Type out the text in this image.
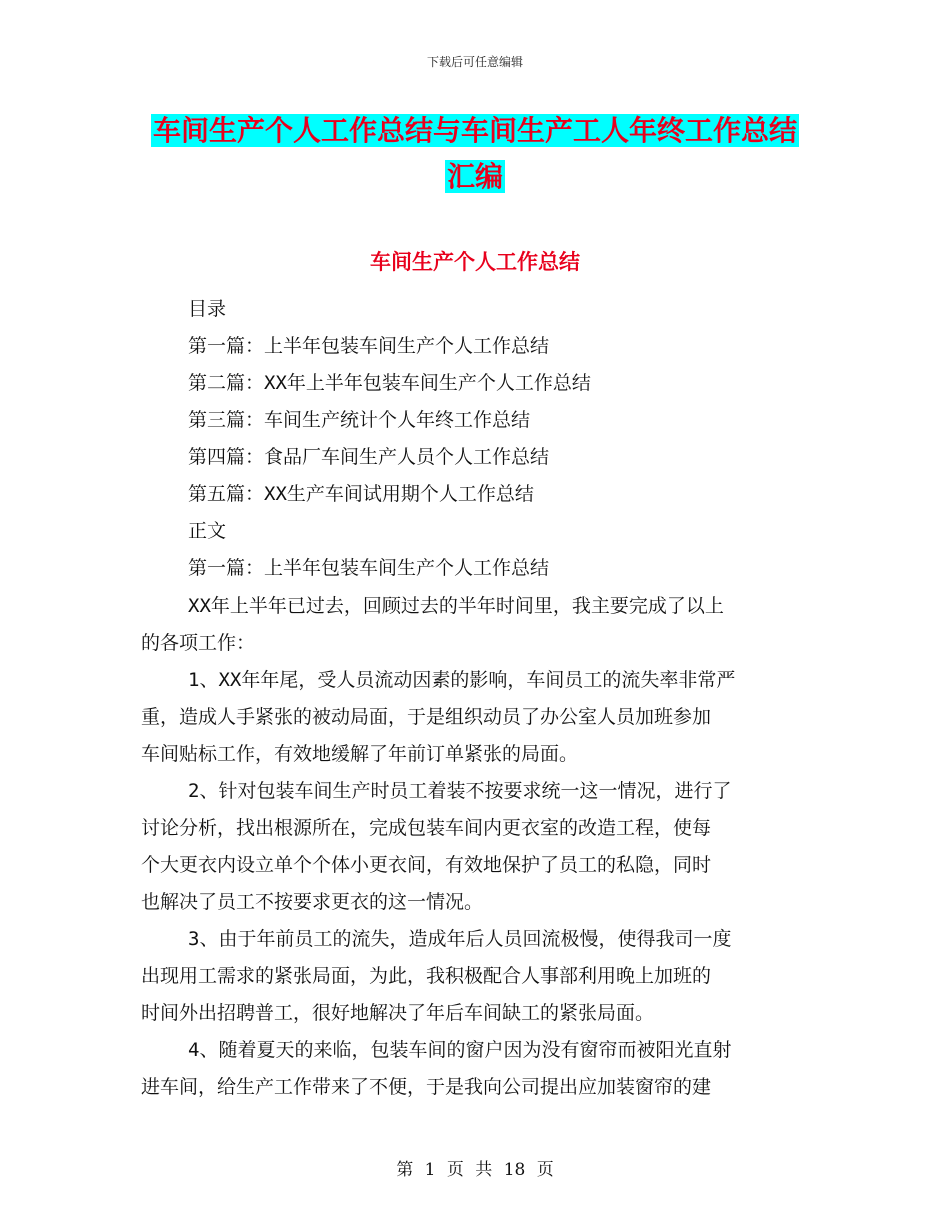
下载后可任意编辑
车间生产个人工作总结与车间生产工人年终工作总结
汇编
车间生产个人工作总结
目录
第一篇：上半年包装车间生产个人工作总结
第二篇：XX年上半年包装车间生产个人工作总结
第三篇：车间生产统计个人年终工作总结
第四篇：食品厂车间生产人员个人工作总结
第五篇：XX生产车间试用期个人工作总结
正文
第一篇：上半年包装车间生产个人工作总结
XX年上半年已过去，回顾过去的半年时间里，我主要完成了以上
的各项工作：
1、XX年年尾，受人员流动因素的影响，车间员工的流失率非常严
重，造成人手紧张的被动局面，于是组织动员了办公室人员加班参加
车间贴标工作，有效地缓解了年前订单紧张的局面。
2、针对包装车间生产时员工着装不按要求统一这一情况，进行了
讨论分析，找出根源所在，完成包装车间内更衣室的改造工程，使每
个大更衣内设立单个个体小更衣间，有效地保护了员工的私隐，同时
也解决了员工不按要求更衣的这一情况。
3、由于年前员工的流失，造成年后人员回流极慢，使得我司一度
出现用工需求的紧张局面，为此，我积极配合人事部利用晚上加班的
时间外出招聘普工，很好地解决了年后车间缺工的紧张局面。
4、随着夏天的来临，包装车间的窗户因为没有窗帘而被阳光直射
进车间，给生产工作带来了不便，于是我向公司提出应加装窗帘的建
第 1 页 共 18 页
